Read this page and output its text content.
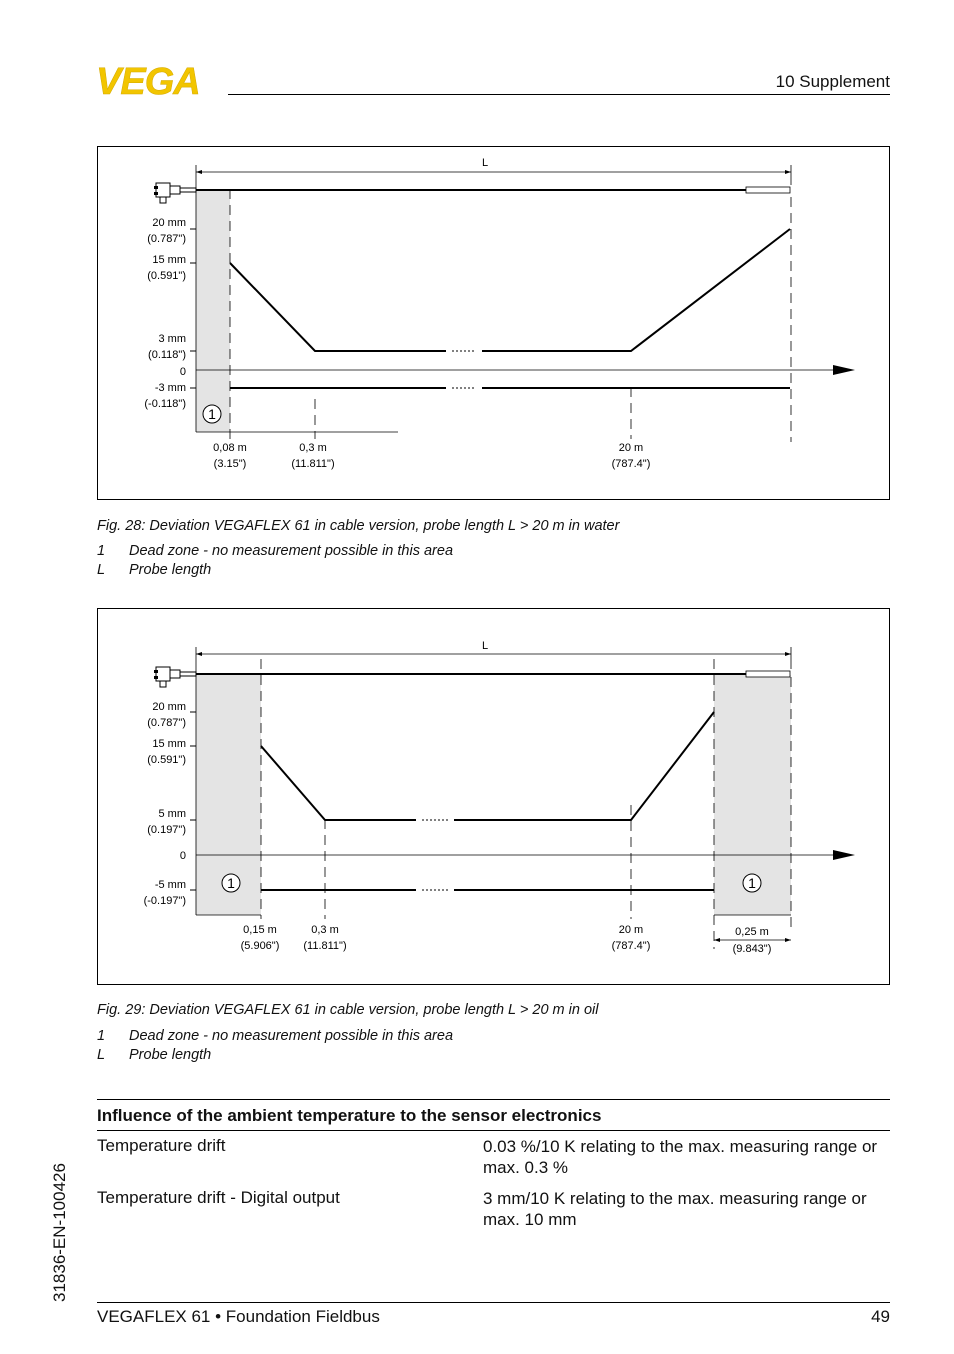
VEGA	10 Supplement
L
20 mm
(0.787")
15 mm
(0.591")
3 mm
(0.118")
0
-3 mm
(-0.118")
1
0,08 m
(3.15")
0,3 m
(11.811")
20 m
(787.4")
Fig. 28: Deviation VEGAFLEX 61 in cable version, probe length L > 20 m in water
1 Dead zone - no measurement possible in this area
L Probe length
L
20 mm
(0.787")
15 mm
(0.591")
5 mm
(0.197")
0
-5 mm
(-0.197")
1	1
0,15 m
(5.906")
0,3 m
(11.811")
20 m
(787.4")
0,25 m
(9.843")
Fig. 29: Deviation VEGAFLEX 61 in cable version, probe length L > 20 m in oil
1 Dead zone - no measurement possible in this area
L Probe length
Influence of the ambient temperature to the sensor electronics
Temperature drift	0.03 %/10 K relating to the max. measuring range or max. 0.3 %
Temperature drift - Digital output	3 mm/10 K relating to the max. measuring range or max. 10 mm
31836-EN-100426
VEGAFLEX 61 • Foundation Fieldbus	49
